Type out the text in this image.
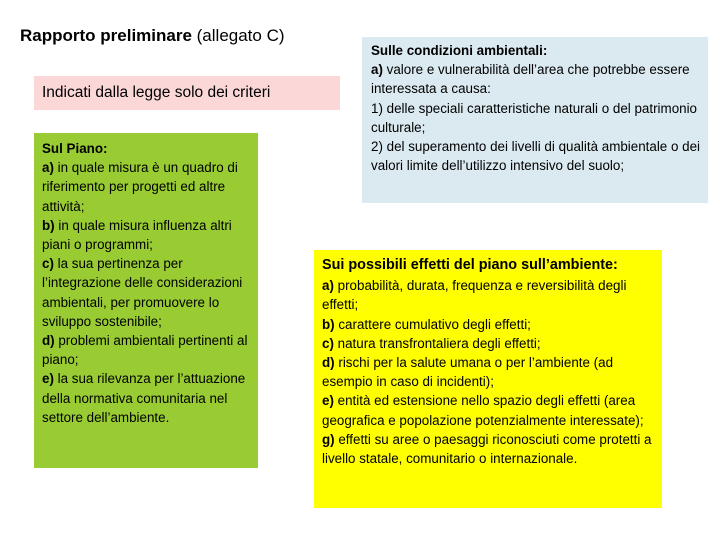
Rapporto preliminare (allegato C)
Indicati dalla legge solo dei criteri
Sul Piano:
a) in quale misura è un quadro di riferimento per progetti ed altre attività;
b) in quale misura influenza altri piani o programmi;
c) la sua pertinenza per l’integrazione delle considerazioni ambientali, per promuovere lo sviluppo sostenibile;
d) problemi ambientali pertinenti al piano;
e) la sua rilevanza per l’attuazione della normativa comunitaria nel settore dell’ambiente.
Sulle condizioni ambientali:
a) valore e vulnerabilità dell’area che potrebbe essere interessata a causa:
1) delle speciali caratteristiche naturali o del patrimonio culturale;
2) del superamento dei livelli di qualità ambientale o dei valori limite dell’utilizzo intensivo del suolo;
Sui possibili effetti del piano sull’ambiente:
a) probabilità, durata, frequenza e reversibilità degli effetti;
b) carattere cumulativo degli effetti;
c) natura transfrontaliera degli effetti;
d) rischi per la salute umana o per l’ambiente (ad esempio in caso di incidenti);
e) entità ed estensione nello spazio degli effetti (area geografica e popolazione potenzialmente interessate);
g) effetti su aree o paesaggi riconosciuti come protetti a livello statale, comunitario o internazionale.
